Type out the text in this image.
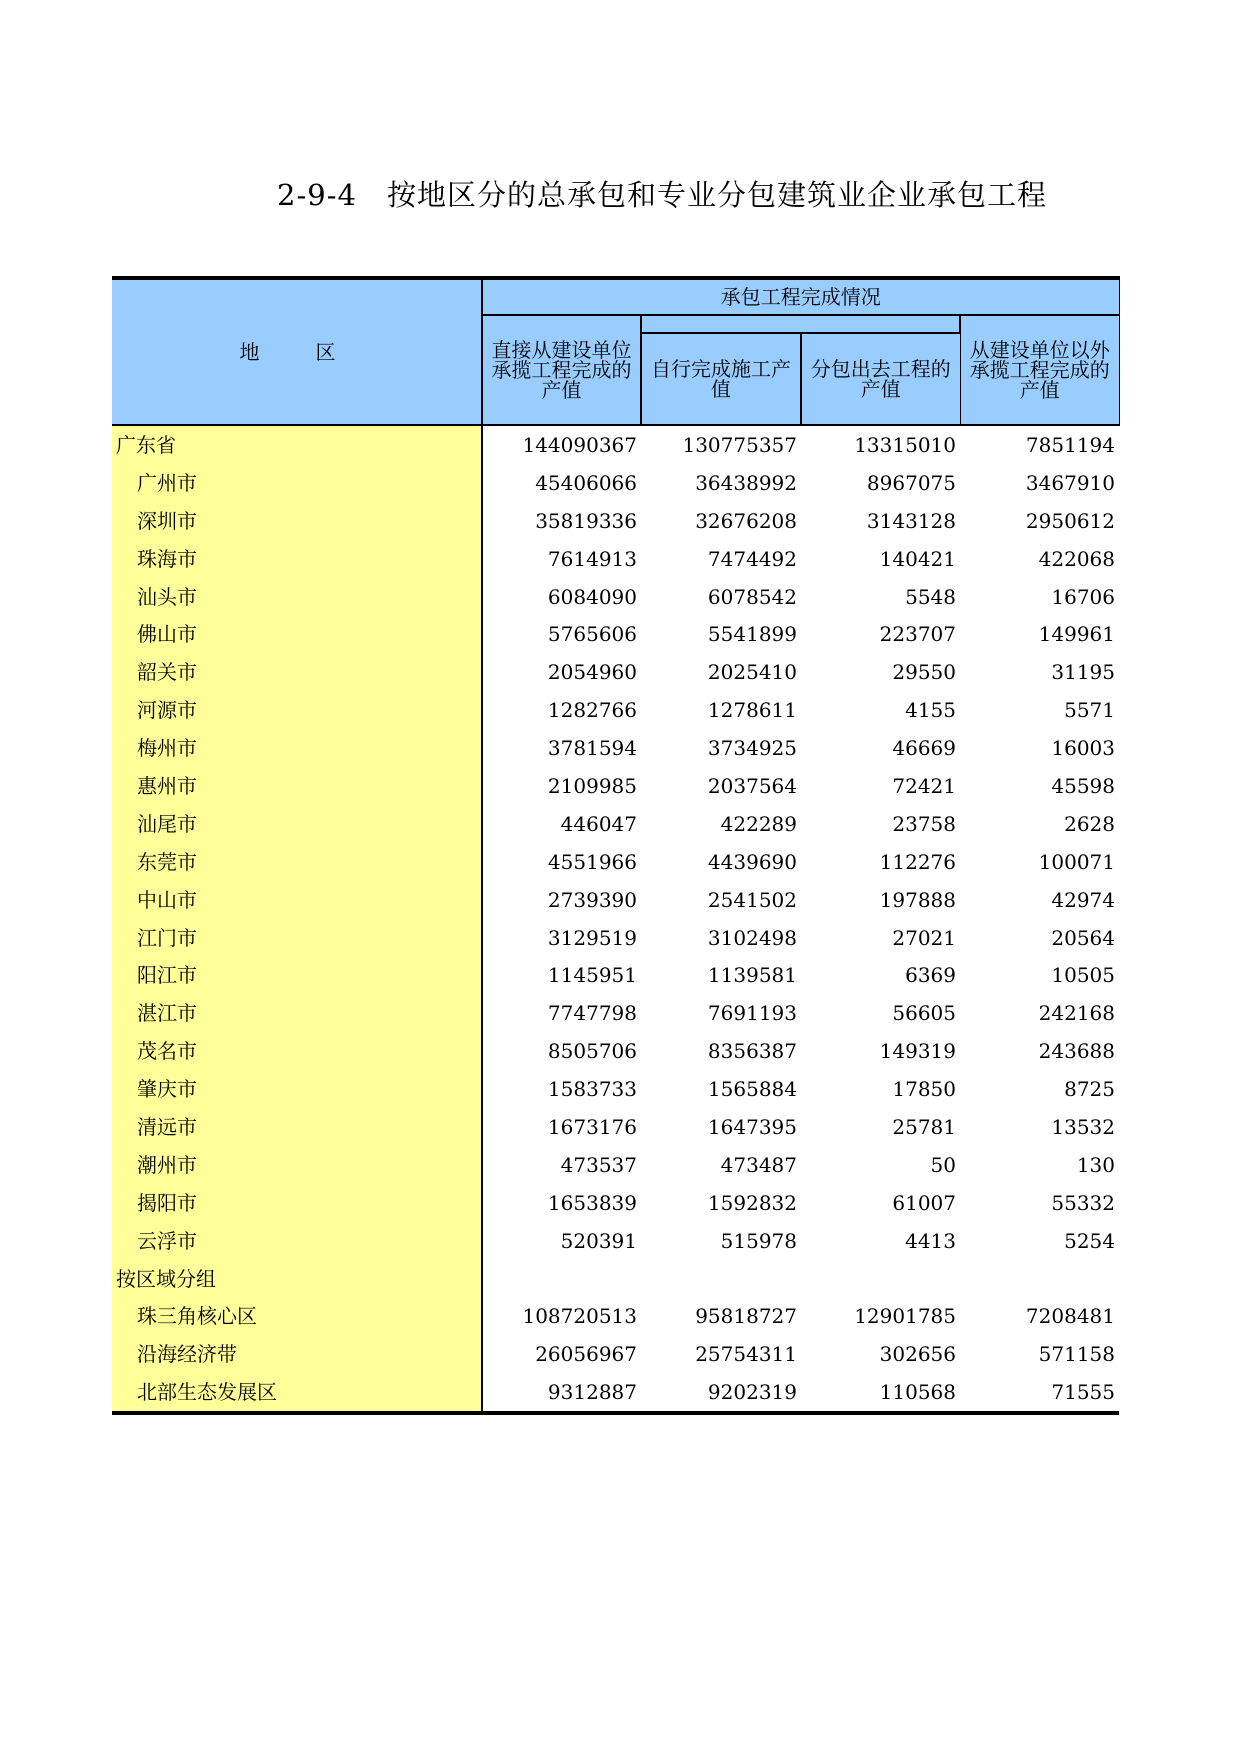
2-9-4　按地区分的总承包和专业分包建筑业企业承包工程
地　区	承包工程完成情况			
	直接从建设单位承揽工程完成的产值			从建设单位以外承揽工程完成的产值
		自行完成施工产值	分包出去工程的产值	
广东省	144090367	130775357	13315010	7851194
广州市	45406066	36438992	8967075	3467910
深圳市	35819336	32676208	3143128	2950612
珠海市	7614913	7474492	140421	422068
汕头市	6084090	6078542	5548	16706
佛山市	5765606	5541899	223707	149961
韶关市	2054960	2025410	29550	31195
河源市	1282766	1278611	4155	5571
梅州市	3781594	3734925	46669	16003
惠州市	2109985	2037564	72421	45598
汕尾市	446047	422289	23758	2628
东莞市	4551966	4439690	112276	100071
中山市	2739390	2541502	197888	42974
江门市	3129519	3102498	27021	20564
阳江市	1145951	1139581	6369	10505
湛江市	7747798	7691193	56605	242168
茂名市	8505706	8356387	149319	243688
肇庆市	1583733	1565884	17850	8725
清远市	1673176	1647395	25781	13532
潮州市	473537	473487	50	130
揭阳市	1653839	1592832	61007	55332
云浮市	520391	515978	4413	5254
按区域分组				
珠三角核心区	108720513	95818727	12901785	7208481
沿海经济带	26056967	25754311	302656	571158
北部生态发展区	9312887	9202319	110568	71555
